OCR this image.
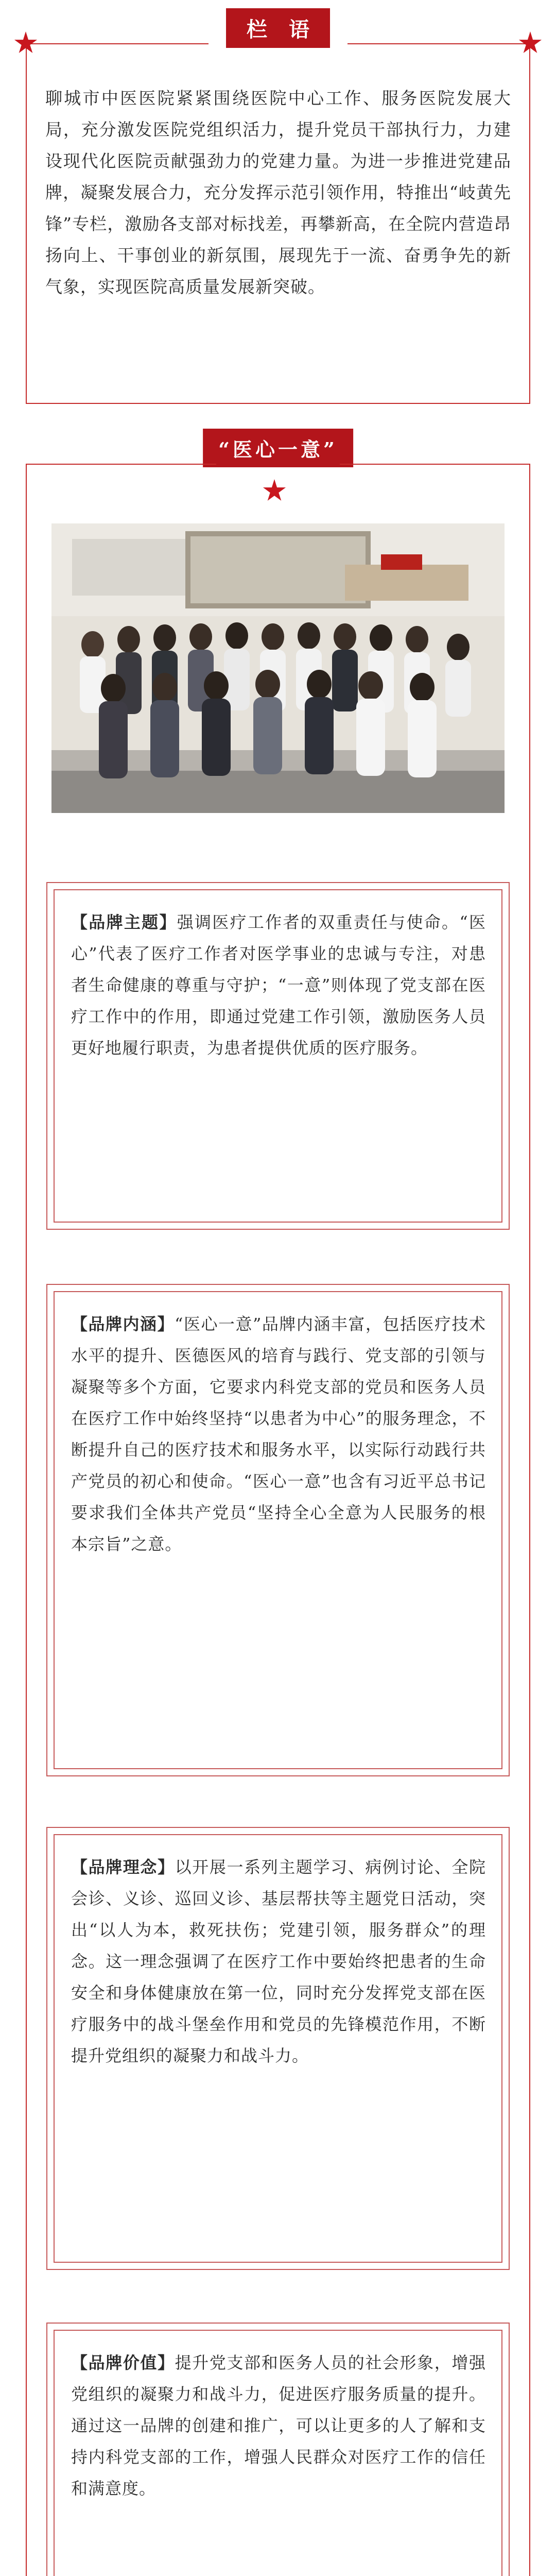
栏 语

聊城市中医医院紧紧围绕医院中心工作、服务医院发展大局，充分激发医院党组织活力，提升党员干部执行力，力建设现代化医院贡献强劲力的党建力量。为进一步推进党建品牌，凝聚发展合力，充分发挥示范引领作用，特推出“岐黄先锋”专栏，激励各支部对标找差，再攀新高，在全院内营造昂扬向上、干事创业的新氛围，展现先于一流、奋勇争先的新气象，实现医院高质量发展新突破。

“医心一意”

【品牌主题】强调医疗工作者的双重责任与使命。“医心”代表了医疗工作者对医学事业的忠诚与专注，对患者生命健康的尊重与守护；“一意”则体现了党支部在医疗工作中的作用，即通过党建工作引领，激励医务人员更好地履行职责，为患者提供优质的医疗服务。

【品牌内涵】“医心一意”品牌内涵丰富，包括医疗技术水平的提升、医德医风的培育与践行、党支部的引领与凝聚等多个方面，它要求内科党支部的党员和医务人员在医疗工作中始终坚持“以患者为中心”的服务理念，不断提升自己的医疗技术和服务水平，以实际行动践行共产党员的初心和使命。“医心一意”也含有习近平总书记要求我们全体共产党员“坚持全心全意为人民服务的根本宗旨”之意。

【品牌理念】以开展一系列主题学习、病例讨论、全院会诊、义诊、巡回义诊、基层帮扶等主题党日活动，突出“以人为本，救死扶伤；党建引领，服务群众”的理念。这一理念强调了在医疗工作中要始终把患者的生命安全和身体健康放在第一位，同时充分发挥党支部在医疗服务中的战斗堡垒作用和党员的先锋模范作用，不断提升党组织的凝聚力和战斗力。

【品牌价值】提升党支部和医务人员的社会形象，增强党组织的凝聚力和战斗力，促进医疗服务质量的提升。通过这一品牌的创建和推广，可以让更多的人了解和支持内科党支部的工作，增强人民群众对医疗工作的信任和满意度。
